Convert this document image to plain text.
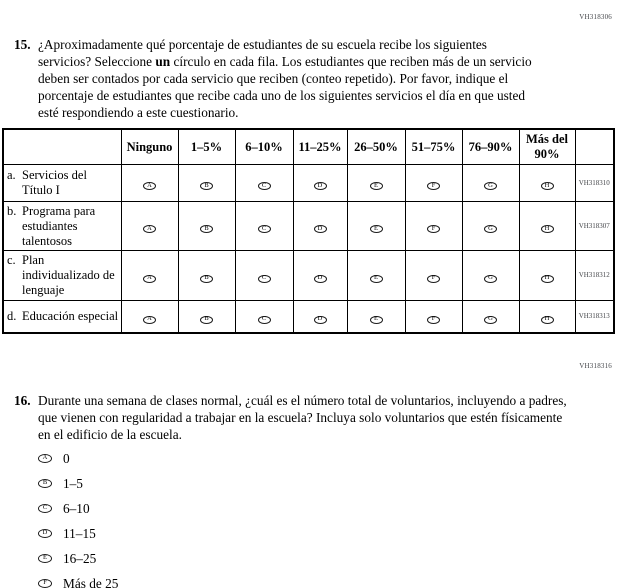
VH318306
15. ¿Aproximadamente qué porcentaje de estudiantes de su escuela recibe los siguientes servicios? Seleccione un círculo en cada fila. Los estudiantes que reciben más de un servicio deben ser contados por cada servicio que reciben (conteo repetido). Por favor, indique el porcentaje de estudiantes que recibe cada uno de los siguientes servicios el día en que usted esté respondiendo a este cuestionario.

	Ninguno	1–5%	6–10%	11–25%	26–50%	51–75%	76–90%	Más del 90%	

a. Servicios del Título I	A	B	C	D	E	F	G	H	VH318310

b. Programa para estudiantes talentosos	A	B	C	D	E	F	G	H	VH318307

c. Plan individualizado de lenguaje	A	B	C	D	E	F	G	H	VH318312

d. Educación especial	A	B	C	D	E	F	G	H	VH318313
VH318316
16. Durante una semana de clases normal, ¿cuál es el número total de voluntarios, incluyendo a padres, que vienen con regularidad a trabajar en la escuela? Incluya solo voluntarios que estén físicamente en el edificio de la escuela.

A	0
B	1–5
C	6–10
D	11–15
E	16–25
F	Más de 25
